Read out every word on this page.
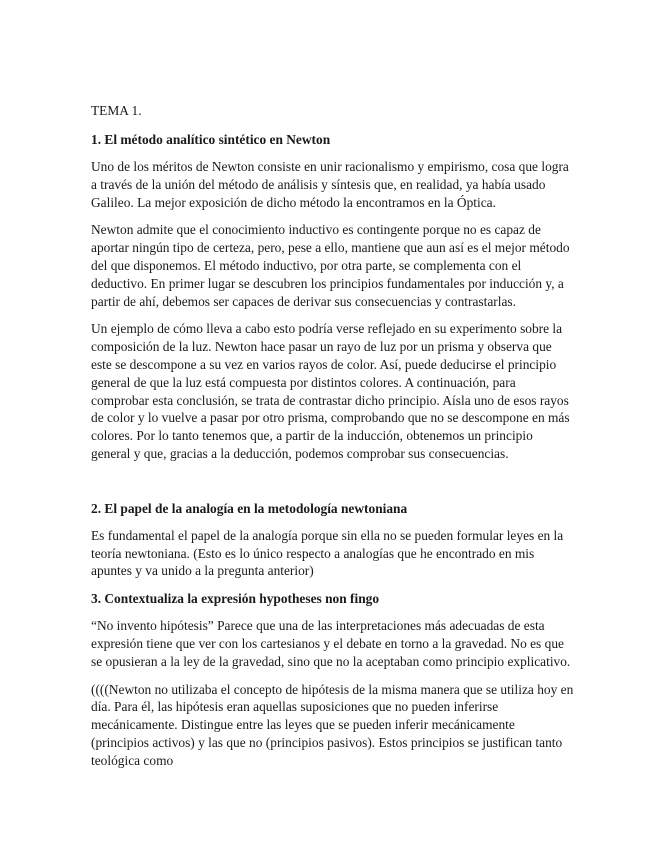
TEMA 1.
1. El método analítico sintético en Newton

Uno de los méritos de Newton consiste en unir racionalismo y empirismo, cosa que logra a través de la unión del método de análisis y síntesis que, en realidad, ya había usado Galileo. La mejor exposición de dicho método la encontramos en la Óptica.

Newton admite que el conocimiento inductivo es contingente porque no es capaz de aportar ningún tipo de certeza, pero, pese a ello, mantiene que aun así es el mejor método del que disponemos. El método inductivo, por otra parte, se complementa con el deductivo. En primer lugar se descubren los principios fundamentales por inducción y, a partir de ahí, debemos ser capaces de derivar sus consecuencias y contrastarlas.

Un ejemplo de cómo lleva a cabo esto podría verse reflejado en su experimento sobre la composición de la luz. Newton hace pasar un rayo de luz por un prisma y observa que este se descompone a su vez en varios rayos de color. Así, puede deducirse el principio general de que la luz está compuesta por distintos colores. A continuación, para comprobar esta conclusión, se trata de contrastar dicho principio. Aísla uno de esos rayos de color y lo vuelve a pasar por otro prisma, comprobando que no se descompone en más colores. Por lo tanto tenemos que, a partir de la inducción, obtenemos un principio general y que, gracias a la deducción, podemos comprobar sus consecuencias.

2. El papel de la analogía en la metodología newtoniana

Es fundamental el papel de la analogía porque sin ella no se pueden formular leyes en la teoría newtoniana. (Esto es lo único respecto a analogías que he encontrado en mis apuntes y va unido a la pregunta anterior)

3. Contextualiza la expresión hypotheses non fingo

“No invento hipótesis” Parece que una de las interpretaciones más adecuadas de esta expresión tiene que ver con los cartesianos y el debate en torno a la gravedad. No es que se opusieran a la ley de la gravedad, sino que no la aceptaban como principio explicativo.

((((Newton no utilizaba el concepto de hipótesis de la misma manera que se utiliza hoy en día. Para él, las hipótesis eran aquellas suposiciones que no pueden inferirse mecánicamente. Distingue entre las leyes que se pueden inferir mecánicamente (principios activos) y las que no (principios pasivos). Estos principios se justifican tanto teológica como
